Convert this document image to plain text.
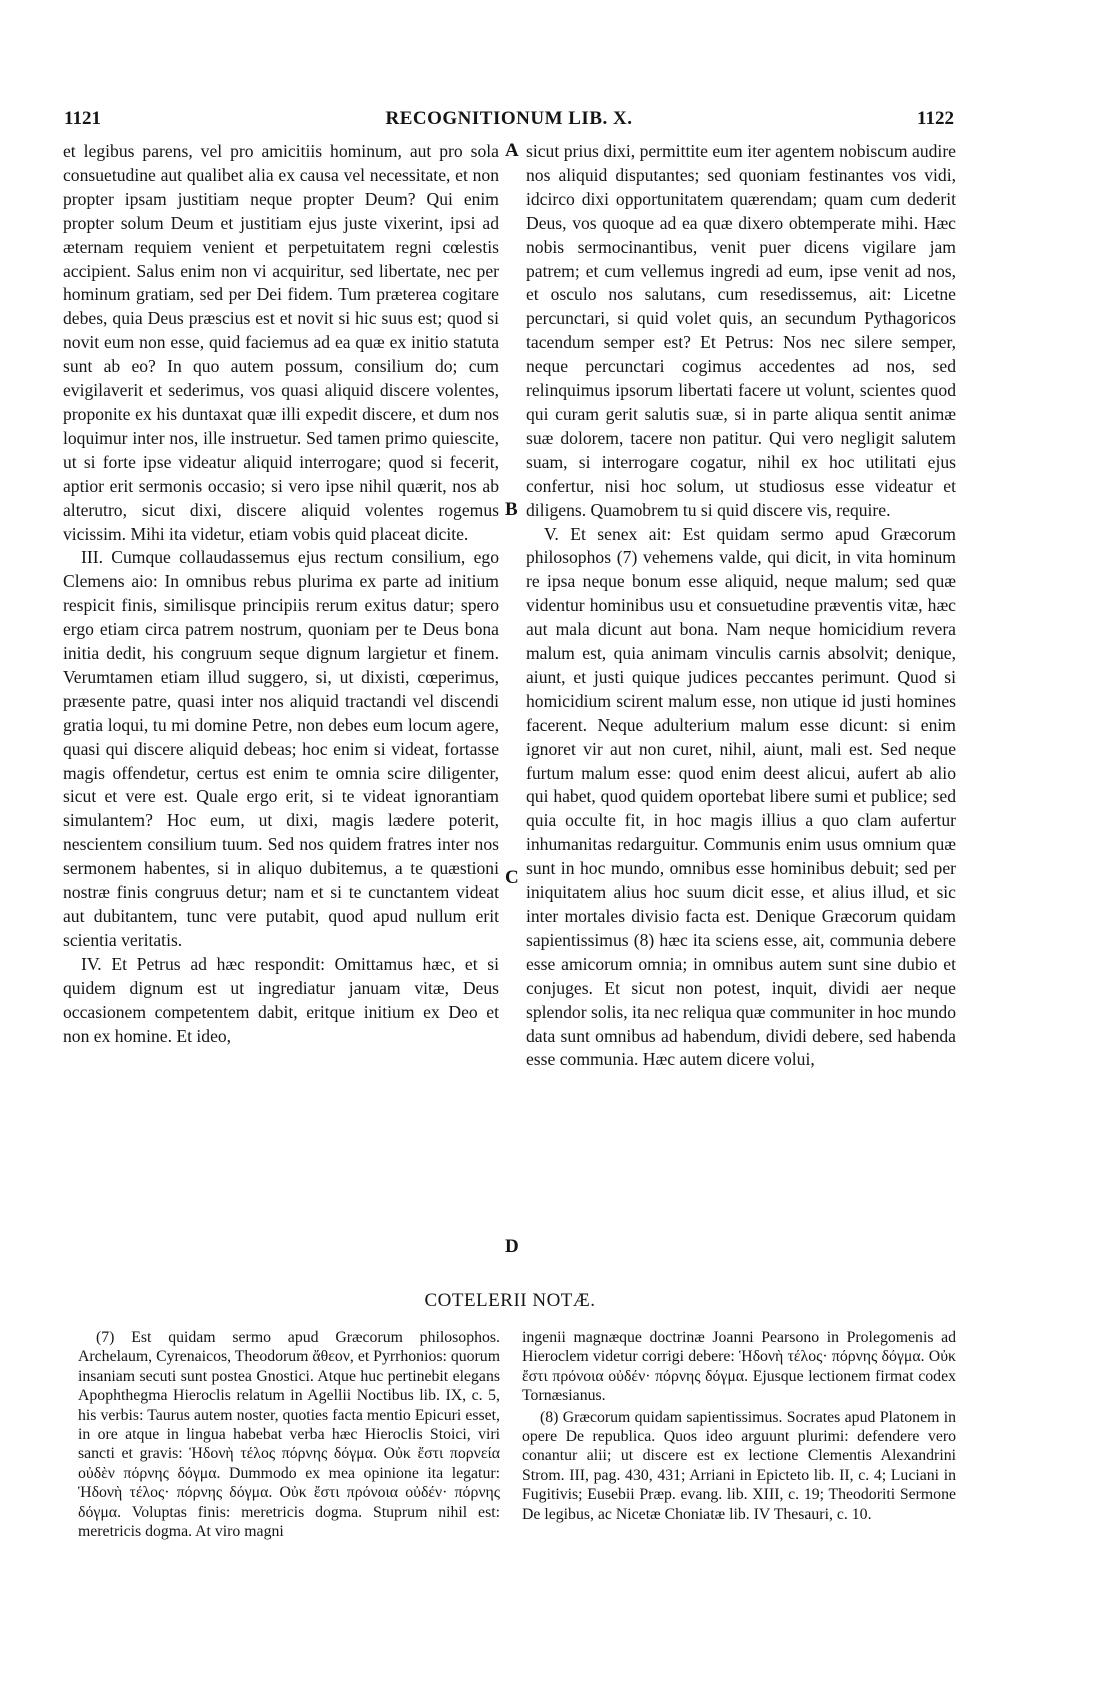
1121	RECOGNITIONUM LIB. X.	1122

et legibus parens, vel pro amicitiis hominum, aut pro sola consuetudine aut qualibet alia ex causa vel necessitate, et non propter ipsam justitiam neque propter Deum? Qui enim propter solum Deum et justitiam ejus juste vixerint, ipsi ad æternam requiem venient et perpetuitatem regni cœlestis accipient. Salus enim non vi acquiritur, sed libertate, nec per hominum gratiam, sed per Dei fidem. Tum præterea cogitare debes, quia Deus præscius est et novit si hic suus est; quod si novit eum non esse, quid faciemus ad ea quæ ex initio statuta sunt ab eo? In quo autem possum, consilium do; cum evigilaverit et sederimus, vos quasi aliquid discere volentes, proponite ex his duntaxat quæ illi expedit discere, et dum nos loquimur inter nos, ille instruetur. Sed tamen primo quiescite, ut si forte ipse videatur aliquid interrogare; quod si fecerit, aptior erit sermonis occasio; si vero ipse nihil quærit, nos ab alterutro, sicut dixi, discere aliquid volentes rogemus vicissim. Mihi ita videtur, etiam vobis quid placeat dicite.

III. Cumque collaudassemus ejus rectum consilium, ego Clemens aio: In omnibus rebus plurima ex parte ad initium respicit finis, similisque principiis rerum exitus datur; spero ergo etiam circa patrem nostrum, quoniam per te Deus bona initia dedit, his congruum seque dignum largietur et finem. Verumtamen etiam illud suggero, si, ut dixisti, cœperimus, præsente patre, quasi inter nos aliquid tractandi vel discendi gratia loqui, tu mi domine Petre, non debes eum locum agere, quasi qui discere aliquid debeas; hoc enim si videat, fortasse magis offendetur, certus est enim te omnia scire diligenter, sicut et vere est. Quale ergo erit, si te videat ignorantiam simulantem? Hoc eum, ut dixi, magis lædere poterit, nescientem consilium tuum. Sed nos quidem fratres inter nos sermonem habentes, si in aliquo dubitemus, a te quæstioni nostræ finis congruus detur; nam et si te cunctantem videat aut dubitantem, tunc vere putabit, quod apud nullum erit scientia veritatis.

IV. Et Petrus ad hæc respondit: Omittamus hæc, et si quidem dignum est ut ingrediatur januam vitæ, Deus occasionem competentem dabit, eritque initium ex Deo et non ex homine. Et ideo,

sicut prius dixi, permittite eum iter agentem nobiscum audire nos aliquid disputantes; sed quoniam festinantes vos vidi, idcirco dixi opportunitatem quærendam; quam cum dederit Deus, vos quoque ad ea quæ dixero obtemperate mihi. Hæc nobis sermocinantibus, venit puer dicens vigilare jam patrem; et cum vellemus ingredi ad eum, ipse venit ad nos, et osculo nos salutans, cum resedissemus, ait: Licetne percunctari, si quid volet quis, an secundum Pythagoricos tacendum semper est? Et Petrus: Nos nec silere semper, neque percunctari cogimus accedentes ad nos, sed relinquimus ipsorum libertati facere ut volunt, scientes quod qui curam gerit salutis suæ, si in parte aliqua sentit animæ suæ dolorem, tacere non patitur. Qui vero negligit salutem suam, si interrogare cogatur, nihil ex hoc utilitati ejus confertur, nisi hoc solum, ut studiosus esse videatur et diligens. Quamobrem tu si quid discere vis, require.

V. Et senex ait: Est quidam sermo apud Græcorum philosophos (7) vehemens valde, qui dicit, in vita hominum re ipsa neque bonum esse aliquid, neque malum; sed quæ videntur hominibus usu et consuetudine præventis vitæ, hæc aut mala dicunt aut bona. Nam neque homicidium revera malum est, quia animam vinculis carnis absolvit; denique, aiunt, et justi quique judices peccantes perimunt. Quod si homicidium scirent malum esse, non utique id justi homines facerent. Neque adulterium malum esse dicunt: si enim ignoret vir aut non curet, nihil, aiunt, mali est. Sed neque furtum malum esse: quod enim deest alicui, aufert ab alio qui habet, quod quidem oportebat libere sumi et publice; sed quia occulte fit, in hoc magis illius a quo clam aufertur inhumanitas redarguitur. Communis enim usus omnium quæ sunt in hoc mundo, omnibus esse hominibus debuit; sed per iniquitatem alius hoc suum dicit esse, et alius illud, et sic inter mortales divisio facta est. Denique Græcorum quidam sapientissimus (8) hæc ita sciens esse, ait, communia debere esse amicorum omnia; in omnibus autem sunt sine dubio et conjuges. Et sicut non potest, inquit, dividi aer neque splendor solis, ita nec reliqua quæ communiter in hoc mundo data sunt omnibus ad habendum, dividi debere, sed habenda esse communia. Hæc autem dicere volui,

A
B
C
D
COTELERII NOTÆ.

(7) Est quidam sermo apud Græcorum philosophos. Archelaum, Cyrenaicos, Theodorum ἄθεον, et Pyrrhonios: quorum insaniam secuti sunt postea Gnostici. Atque huc pertinebit elegans Apophthegma Hieroclis relatum in Agellii Noctibus lib. IX, c. 5, his verbis: Taurus autem noster, quoties facta mentio Epicuri esset, in ore atque in lingua habebat verba hæc Hieroclis Stoici, viri sancti et gravis: Ἡδονὴ τέλος πόρνης δόγμα. Οὐκ ἔστι πορνεία οὐδὲν πόρνης δόγμα. Dummodo ex mea opinione ita legatur: Ἡδονὴ τέλος· πόρνης δόγμα. Οὐκ ἔστι πρόνοια οὐδέν· πόρνης δόγμα. Voluptas finis: meretricis dogma. Stuprum nihil est: meretricis dogma. At viro magni

ingenii magnæque doctrinæ Joanni Pearsono in Prolegomenis ad Hieroclem videtur corrigi debere: Ἡδονὴ τέλος· πόρνης δόγμα. Οὐκ ἔστι πρόνοια οὐδέν· πόρνης δόγμα. Ejusque lectionem firmat codex Tornæsianus.

(8) Græcorum quidam sapientissimus. Socrates apud Platonem in opere De republica. Quos ideo arguunt plurimi: defendere vero conantur alii; ut discere est ex lectione Clementis Alexandrini Strom. III, pag. 430, 431; Arriani in Epicteto lib. II, c. 4; Luciani in Fugitivis; Eusebii Præp. evang. lib. XIII, c. 19; Theodoriti Sermone De legibus, ac Nicetæ Choniatæ lib. IV Thesauri, c. 10.
